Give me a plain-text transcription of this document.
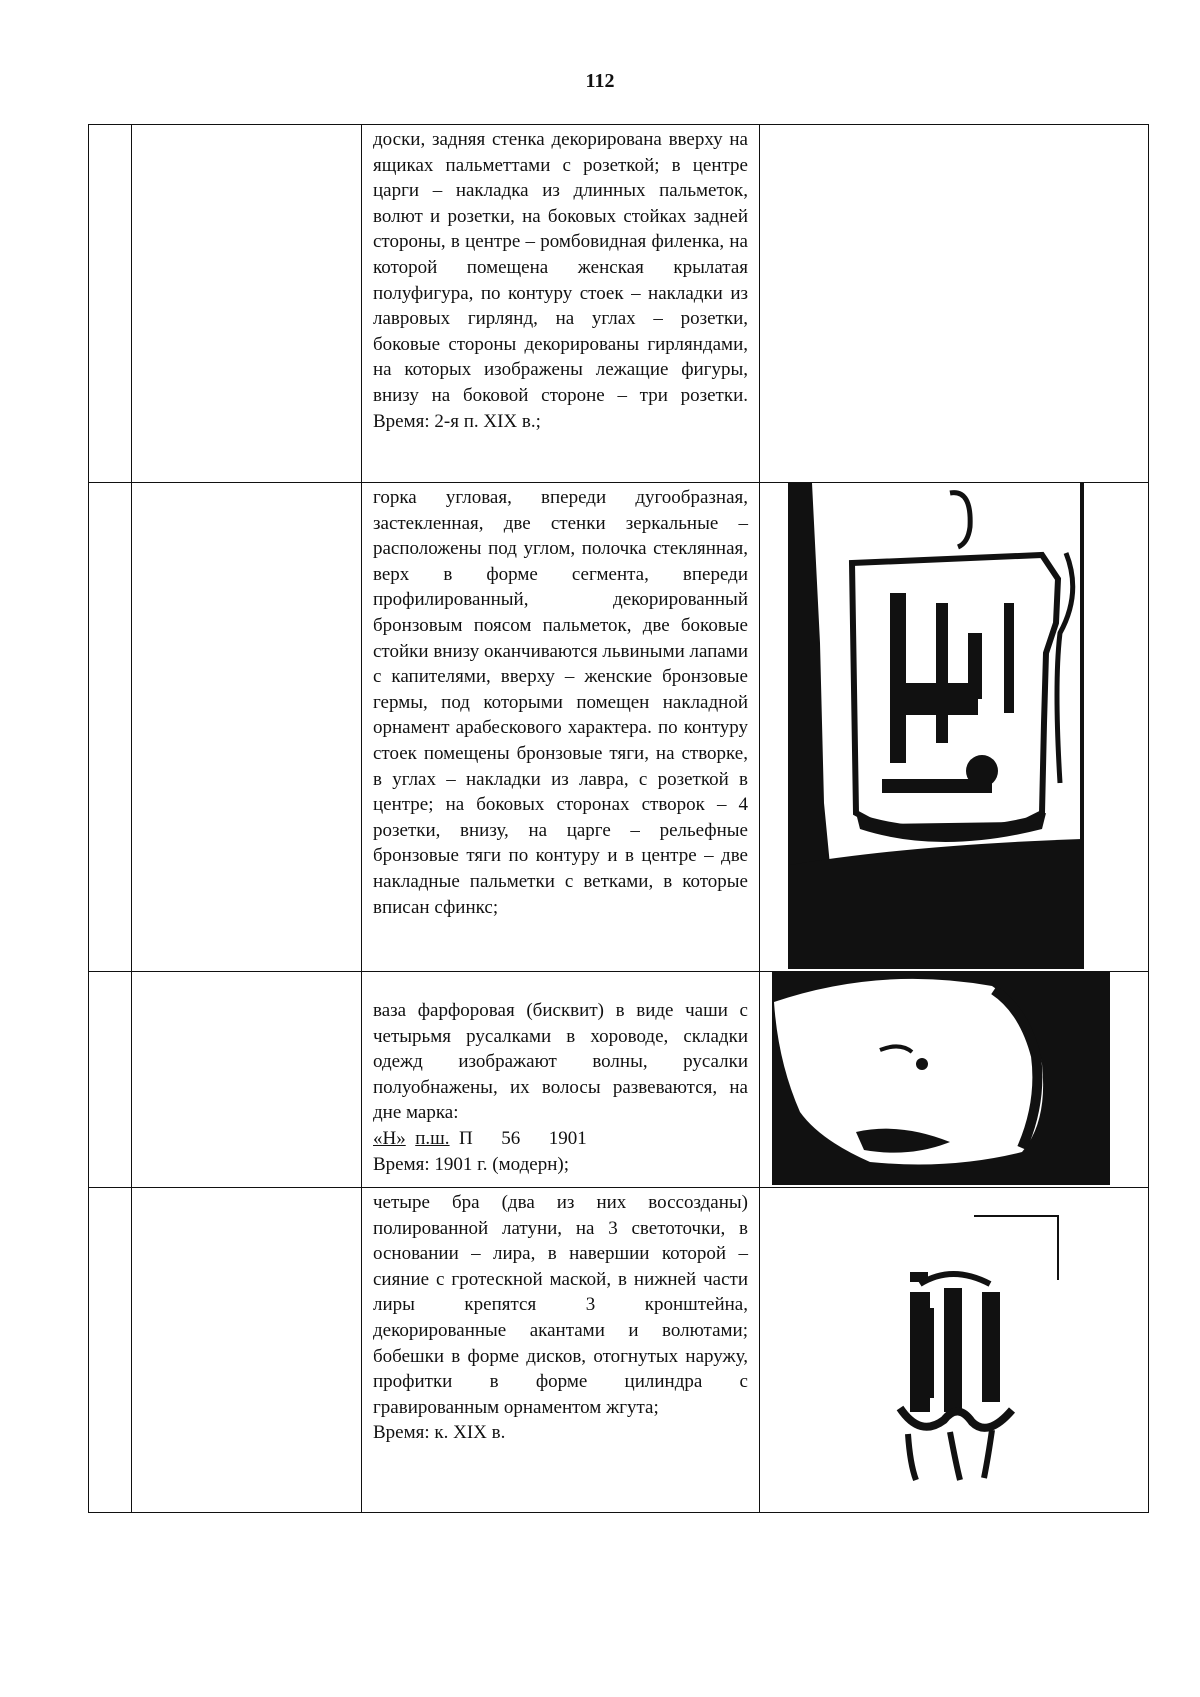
112

		доски, задняя стенка декорирована вверху на ящиках пальметтами с розеткой; в центре царги – накладка из длинных пальметок, волют и розетки, на боковых стойках задней стороны, в центре – ромбовидная филенка, на которой помещена женская крылатая полуфигура, по контуру стоек – накладки из лавровых гирлянд, на углах – розетки, боковые стороны декорированы гирляндами, на которых изображены лежащие фигуры, внизу на боковой стороне – три розетки. Время: 2-я п. XIX в.;	

		горка угловая, впереди дугообразная, застекленная, две стенки зеркальные – расположены под углом, полочка стеклянная, верх в форме сегмента, впереди профилированный, декорированный бронзовым поясом пальметок, две боковые стойки внизу оканчиваются львиными лапами с капителями, вверху – женские бронзовые гермы, под которыми помещен накладной орнамент арабескового характера. по контуру стоек помещены бронзовые тяги, на створке, в углах – накладки из лавра, с розеткой в центре; на боковых сторонах створок – 4 розетки, внизу, на царге – рельефные бронзовые тяги по контуру и в центре – две накладные пальметки с ветками, в которые вписан сфинкс;

		ваза фарфоровая (бисквит) в виде чаши с четырьмя русалками в хороводе, складки одежд изображают волны, русалки полуобнажены, их волосы развеваются, на дне марка:

«Н» п.ш. П 56 1901

Время: 1901 г. (модерн);

		четыре бра (два из них воссозданы) полированной латуни, на 3 светоточки, в основании – лира, в навершии которой – сияние с гротескной маской, в нижней части лиры крепятся 3 кронштейна, декорированные акантами и волютами; бобешки в форме дисков, отогнутых наружу, профитки в форме цилиндра с гравированным орнаментом жгута;

Время: к. XIX в.
